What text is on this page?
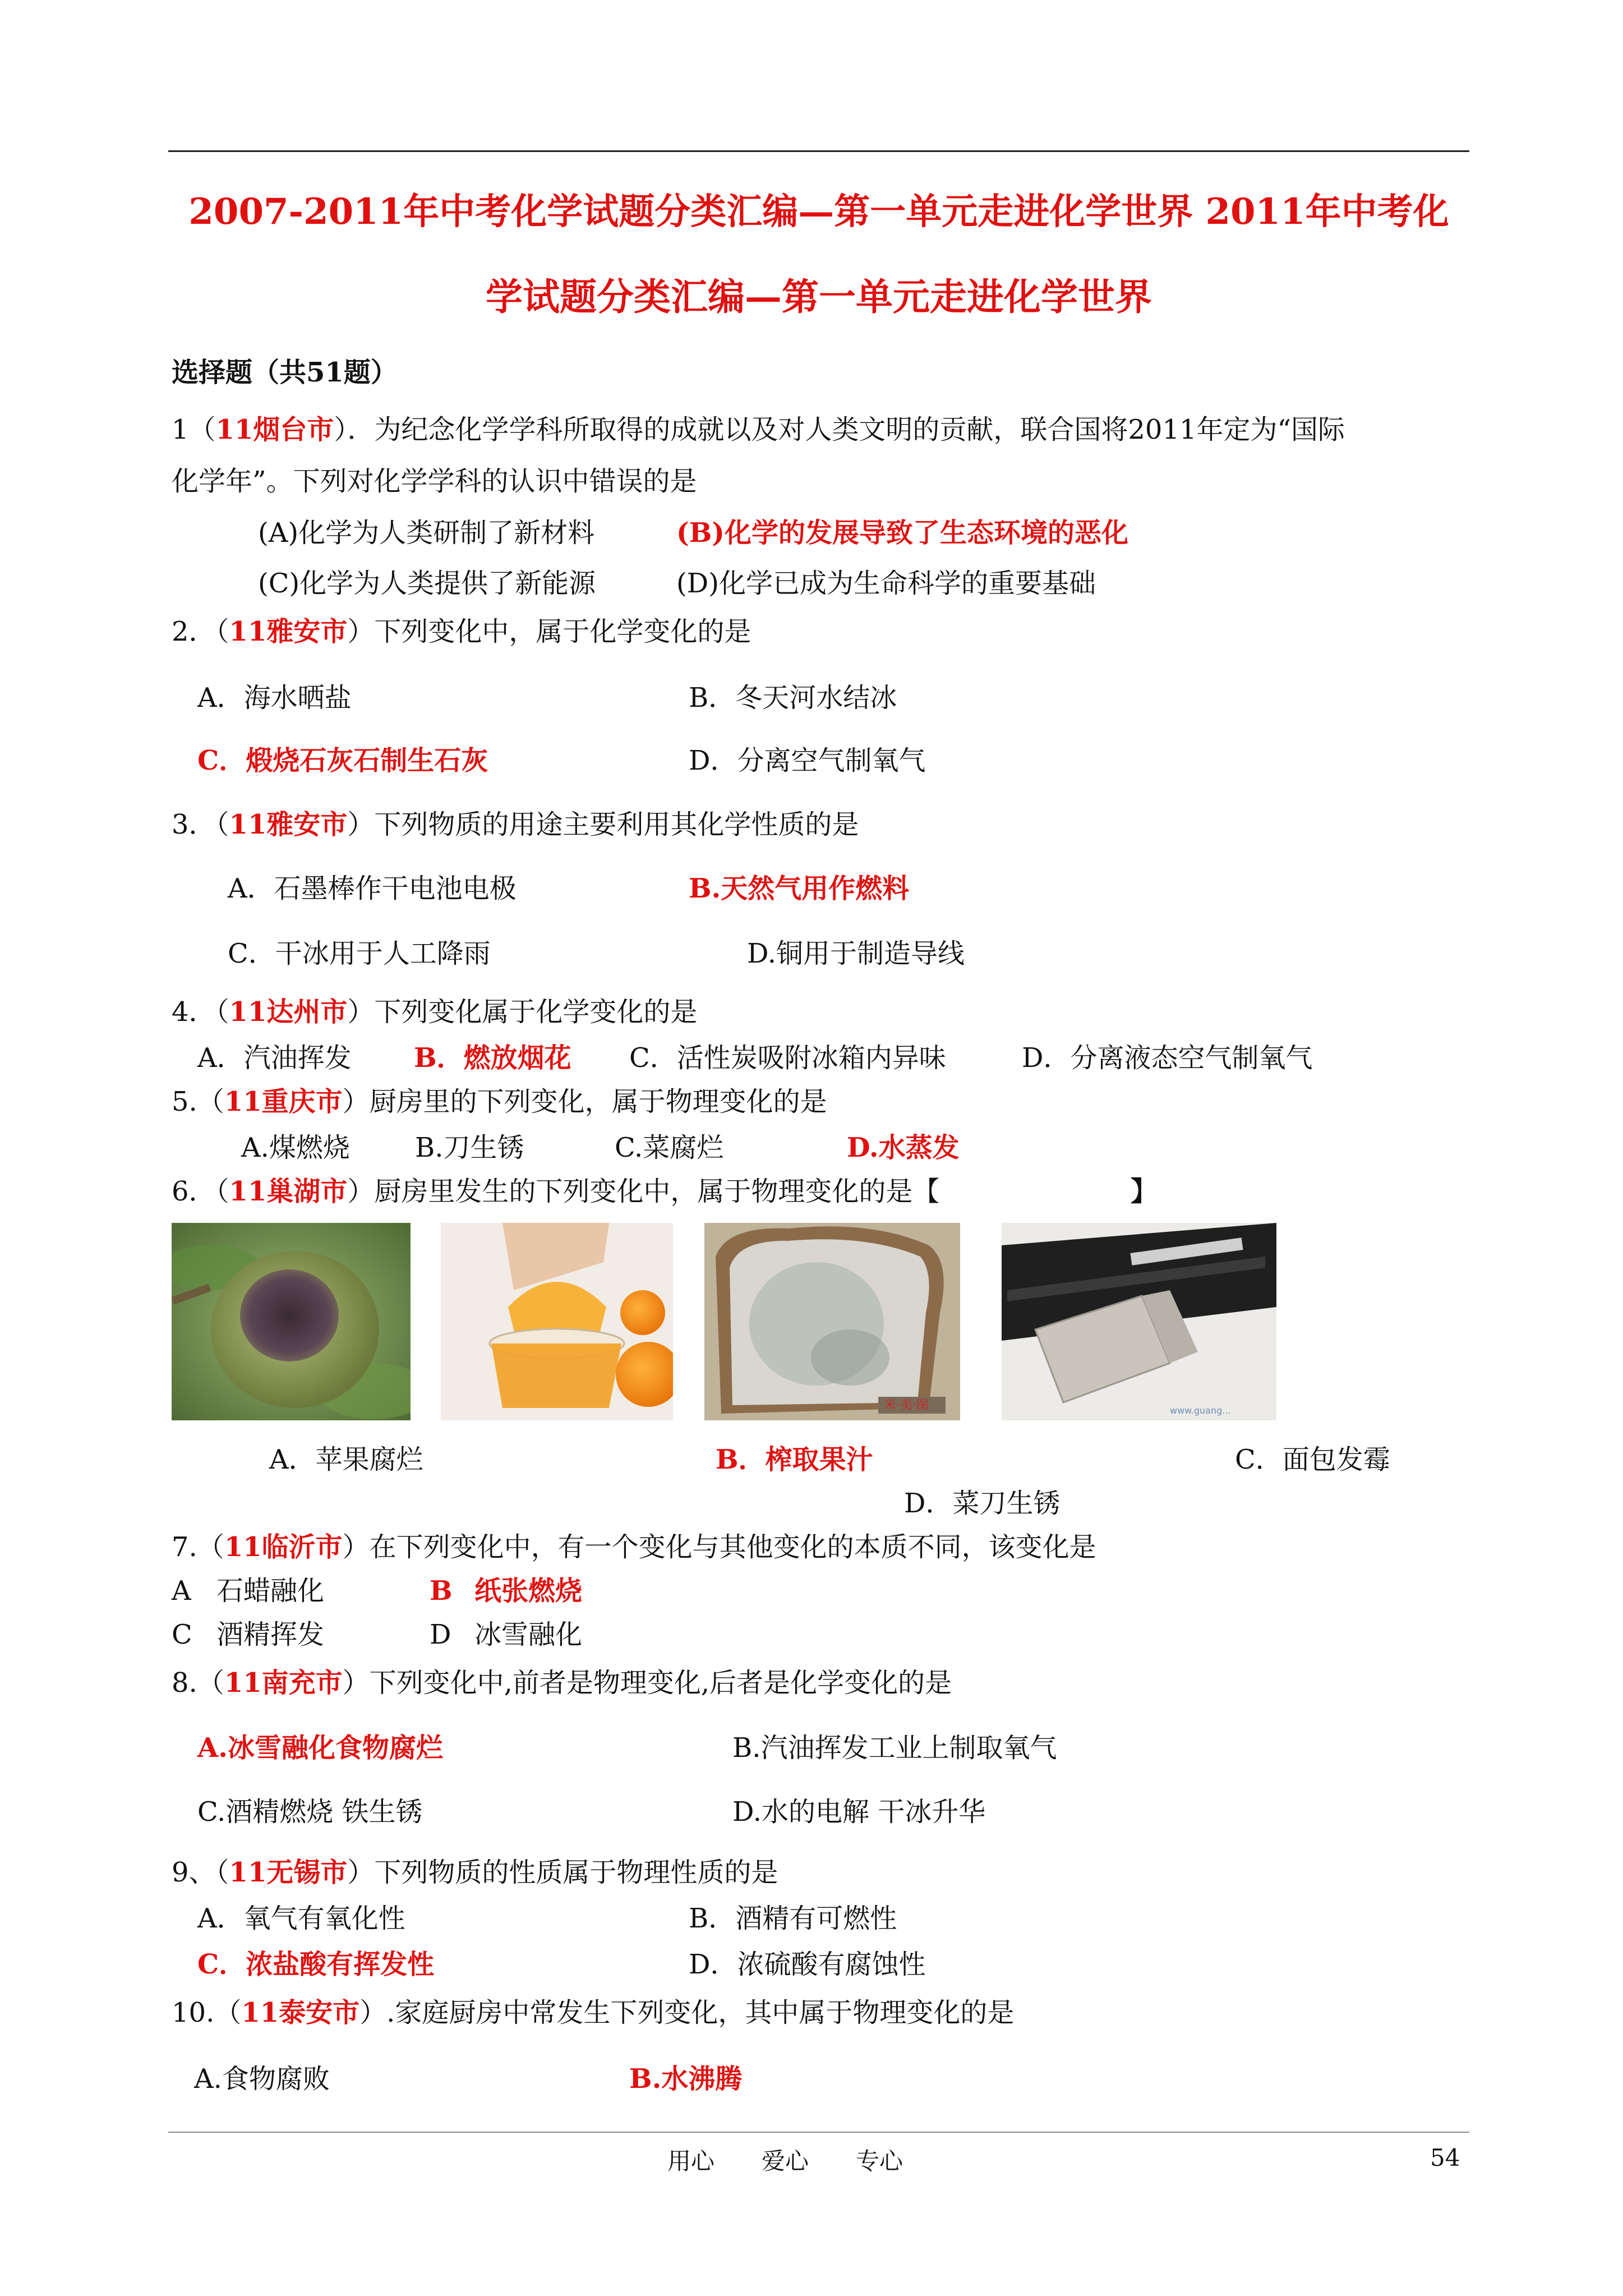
2007-2011年中考化学试题分类汇编—第一单元走进化学世界 2011年中考化
学试题分类汇编—第一单元走进化学世界
选择题（共51题）
1（11烟台市）．为纪念化学学科所取得的成就以及对人类文明的贡献，联合国将2011年定为“国际
化学年”。下列对化学学科的认识中错误的是
(A)化学为人类研制了新材料	(B)化学的发展导致了生态环境的恶化
(C)化学为人类提供了新能源	(D)化学已成为生命科学的重要基础
2．（11雅安市）下列变化中，属于化学变化的是
A．海水晒盐	B．冬天河水结冰
C．煅烧石灰石制生石灰	D．分离空气制氧气
3．（11雅安市）下列物质的用途主要利用其化学性质的是
A．石墨棒作干电池电极	B.天然气用作燃料
C．干冰用于人工降雨	D.铜用于制造导线
4．（11达州市）下列变化属于化学变化的是
A．汽油挥发 B．燃放烟花 C．活性炭吸附冰箱内异味	D．分离液态空气制氧气
5.（11重庆市）厨房里的下列变化，属于物理变化的是
A.煤燃烧 B.刀生锈	C.菜腐烂	D.水蒸发
6．（11巢湖市）厨房里发生的下列变化中，属于物理变化的是【	】
米·美·图	www.guang...
A．苹果腐烂	B．榨取果汁	C．面包发霉
D．菜刀生锈
7.（11临沂市）在下列变化中，有一个变化与其他变化的本质不同，该变化是
A 石蜡融化	B 纸张燃烧
C 酒精挥发	D 冰雪融化
8.（11南充市）下列变化中,前者是物理变化,后者是化学变化的是
A.冰雪融化食物腐烂	B.汽油挥发工业上制取氧气
C.酒精燃烧 铁生锈	D.水的电解 干冰升华
9、（11无锡市）下列物质的性质属于物理性质的是
A．氧气有氧化性	B．酒精有可燃性
C．浓盐酸有挥发性	D．浓硫酸有腐蚀性
10.（11泰安市）.家庭厨房中常发生下列变化，其中属于物理变化的是
A.食物腐败	B.水沸腾
用心　　爱心　　专心	54
